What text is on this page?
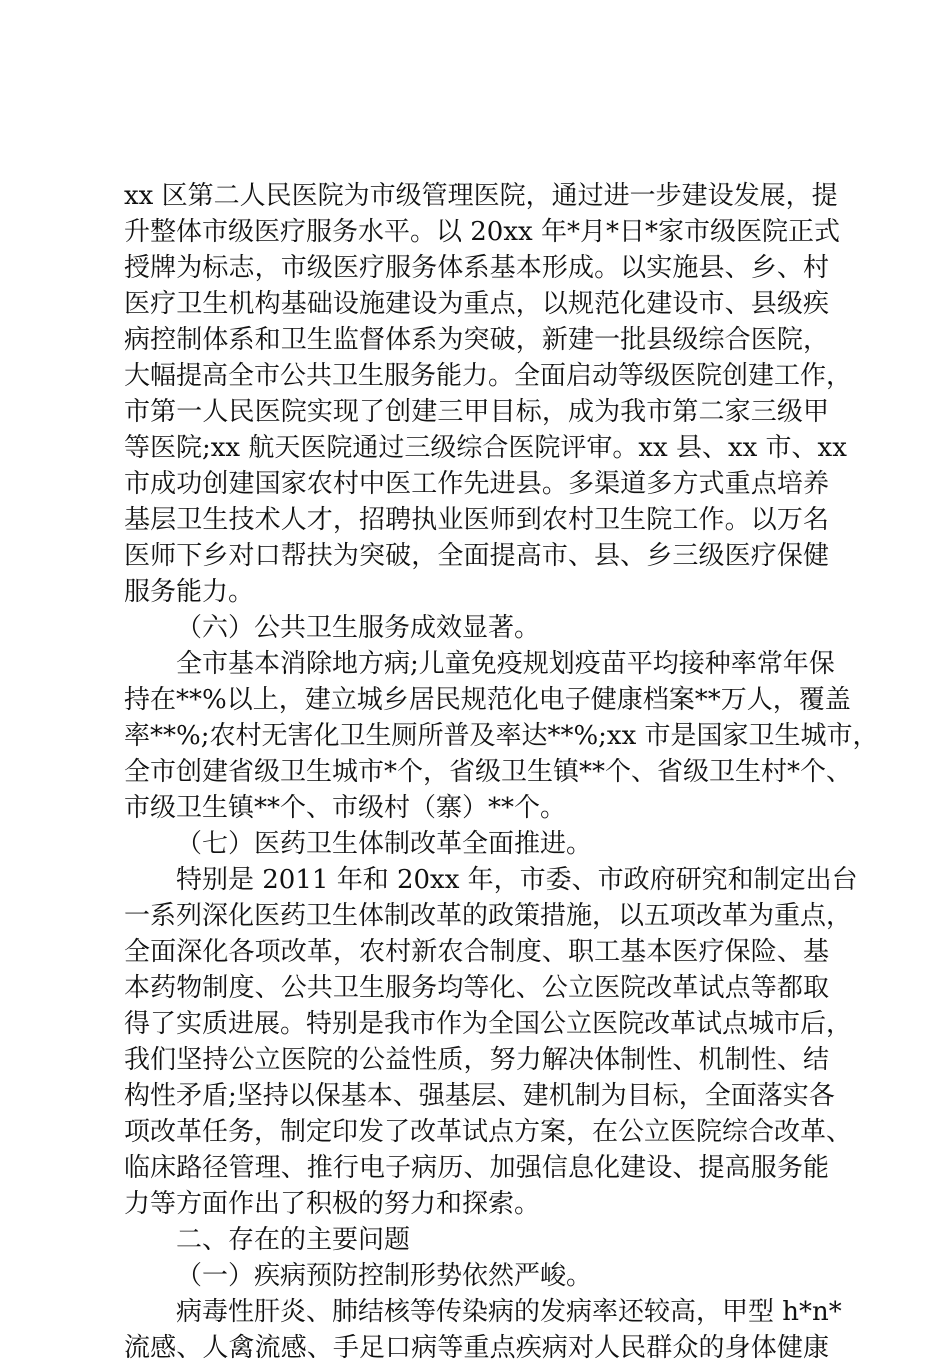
xx 区第二人民医院为市级管理医院，通过进一步建设发展，提
升整体市级医疗服务水平。以 20xx 年*月*日*家市级医院正式
授牌为标志，市级医疗服务体系基本形成。以实施县、乡、村
医疗卫生机构基础设施建设为重点，以规范化建设市、县级疾
病控制体系和卫生监督体系为突破，新建一批县级综合医院，
大幅提高全市公共卫生服务能力。全面启动等级医院创建工作，
市第一人民医院实现了创建三甲目标，成为我市第二家三级甲
等医院;xx 航天医院通过三级综合医院评审。xx 县、xx 市、xx
市成功创建国家农村中医工作先进县。多渠道多方式重点培养
基层卫生技术人才，招聘执业医师到农村卫生院工作。以万名
医师下乡对口帮扶为突破，全面提高市、县、乡三级医疗保健
服务能力。
（六）公共卫生服务成效显著。
全市基本消除地方病;儿童免疫规划疫苗平均接种率常年保
持在**%以上，建立城乡居民规范化电子健康档案**万人，覆盖
率**%;农村无害化卫生厕所普及率达**%;xx 市是国家卫生城市，
全市创建省级卫生城市*个，省级卫生镇**个、省级卫生村*个、
市级卫生镇**个、市级村（寨）**个。
（七）医药卫生体制改革全面推进。
特别是 2011 年和 20xx 年，市委、市政府研究和制定出台
一系列深化医药卫生体制改革的政策措施，以五项改革为重点，
全面深化各项改革，农村新农合制度、职工基本医疗保险、基
本药物制度、公共卫生服务均等化、公立医院改革试点等都取
得了实质进展。特别是我市作为全国公立医院改革试点城市后，
我们坚持公立医院的公益性质，努力解决体制性、机制性、结
构性矛盾;坚持以保基本、强基层、建机制为目标，全面落实各
项改革任务，制定印发了改革试点方案，在公立医院综合改革、
临床路径管理、推行电子病历、加强信息化建设、提高服务能
力等方面作出了积极的努力和探索。
二、存在的主要问题
（一）疾病预防控制形势依然严峻。
病毒性肝炎、肺结核等传染病的发病率还较高，甲型 h*n*
流感、人禽流感、手足口病等重点疾病对人民群众的身体健康
